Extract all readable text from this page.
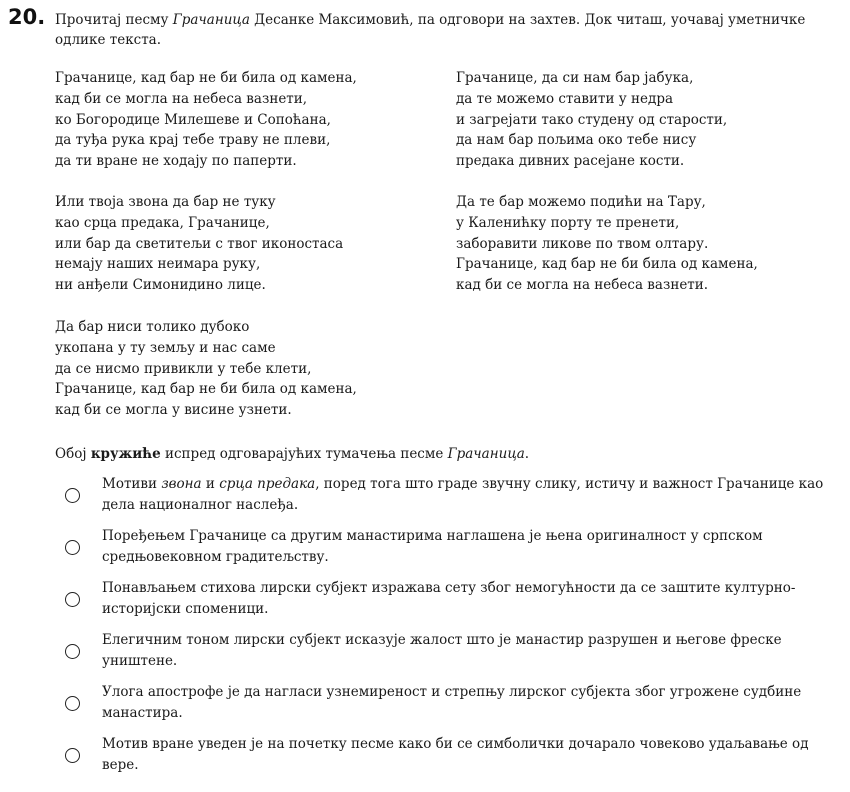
20. Прочитај песму Грачаница Десанке Максимовић, па одговори на захтев. Док читаш, уочавај уметничке одлике текста.
Грачанице, кад бар не би била од камена,
кад би се могла на небеса вазнети,
ко Богородице Милешеве и Сопоћана,
да туђа рука крај тебе траву не плеви,
да ти вране не ходају по паперти.
Или твоја звона да бар не туку
као срца предака, Грачанице,
или бар да светитељи с твог иконостаса
немају наших неимара руку,
ни анђели Симонидино лице.
Да бар ниси толико дубоко
укопана у ту земљу и нас саме
да се нисмо привикли у тебе клети,
Грачанице, кад бар не би била од камена,
кад би се могла у висине узнети.
Грачанице, да си нам бар јабука,
да те можемо ставити у недра
и загрејати тако студену од старости,
да нам бар пољима око тебе нису
предака дивних расејане кости.
Да те бар можемо подићи на Тару,
у Каленићку порту те пренети,
заборавити ликове по твом олтару.
Грачанице, кад бар не би била од камена,
кад би се могла на небеса вазнети.
Обој кружиће испред одговарајућих тумачења песме Грачаница.
Мотиви звона и срца предака, поред тога што граде звучну слику, истичу и важност Грачанице као дела националног наслеђа.
Поређењем Грачанице са другим манастирима наглашена је њена оригиналност у српском средњовековном градитељству.
Понављањем стихова лирски субјект изражава сету због немогућности да се заштите културно-историјски споменици.
Елегичним тоном лирски субјект исказује жалост што је манастир разрушен и његове фреске уништене.
Улога апострофе је да нагласи узнемиреност и стрепњу лирског субјекта због угрожене судбине манастира.
Мотив вране уведен је на почетку песме како би се симболички дочарало човеково удаљавање од вере.
